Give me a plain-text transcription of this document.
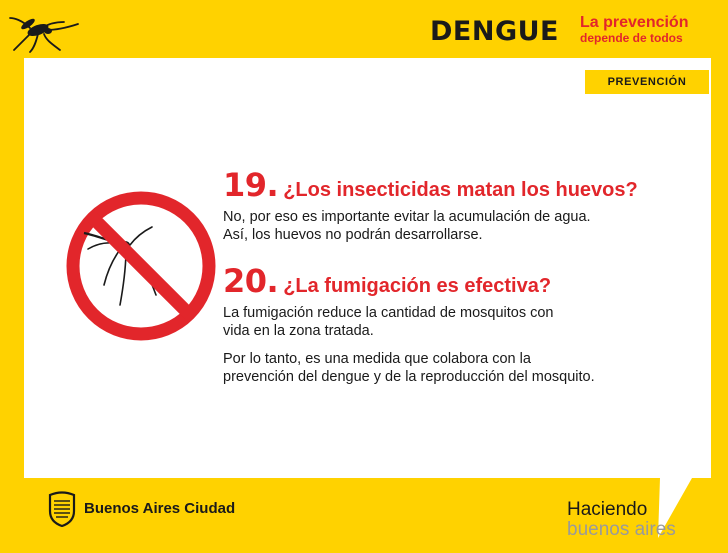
DENGUE La prevención
depende de todos
PREVENCIÓN

19. ¿Los insecticidas matan los huevos?

No, por eso es importante evitar la acumulación de agua.
Así, los huevos no podrán desarrollarse.

20. ¿La fumigación es efectiva?

La fumigación reduce la cantidad de mosquitos con
vida en la zona tratada.

Por lo tanto, es una medida que colabora con la
prevención del dengue y de la reproducción del mosquito.

Buenos Aires Ciudad	Haciendo
buenos aires
